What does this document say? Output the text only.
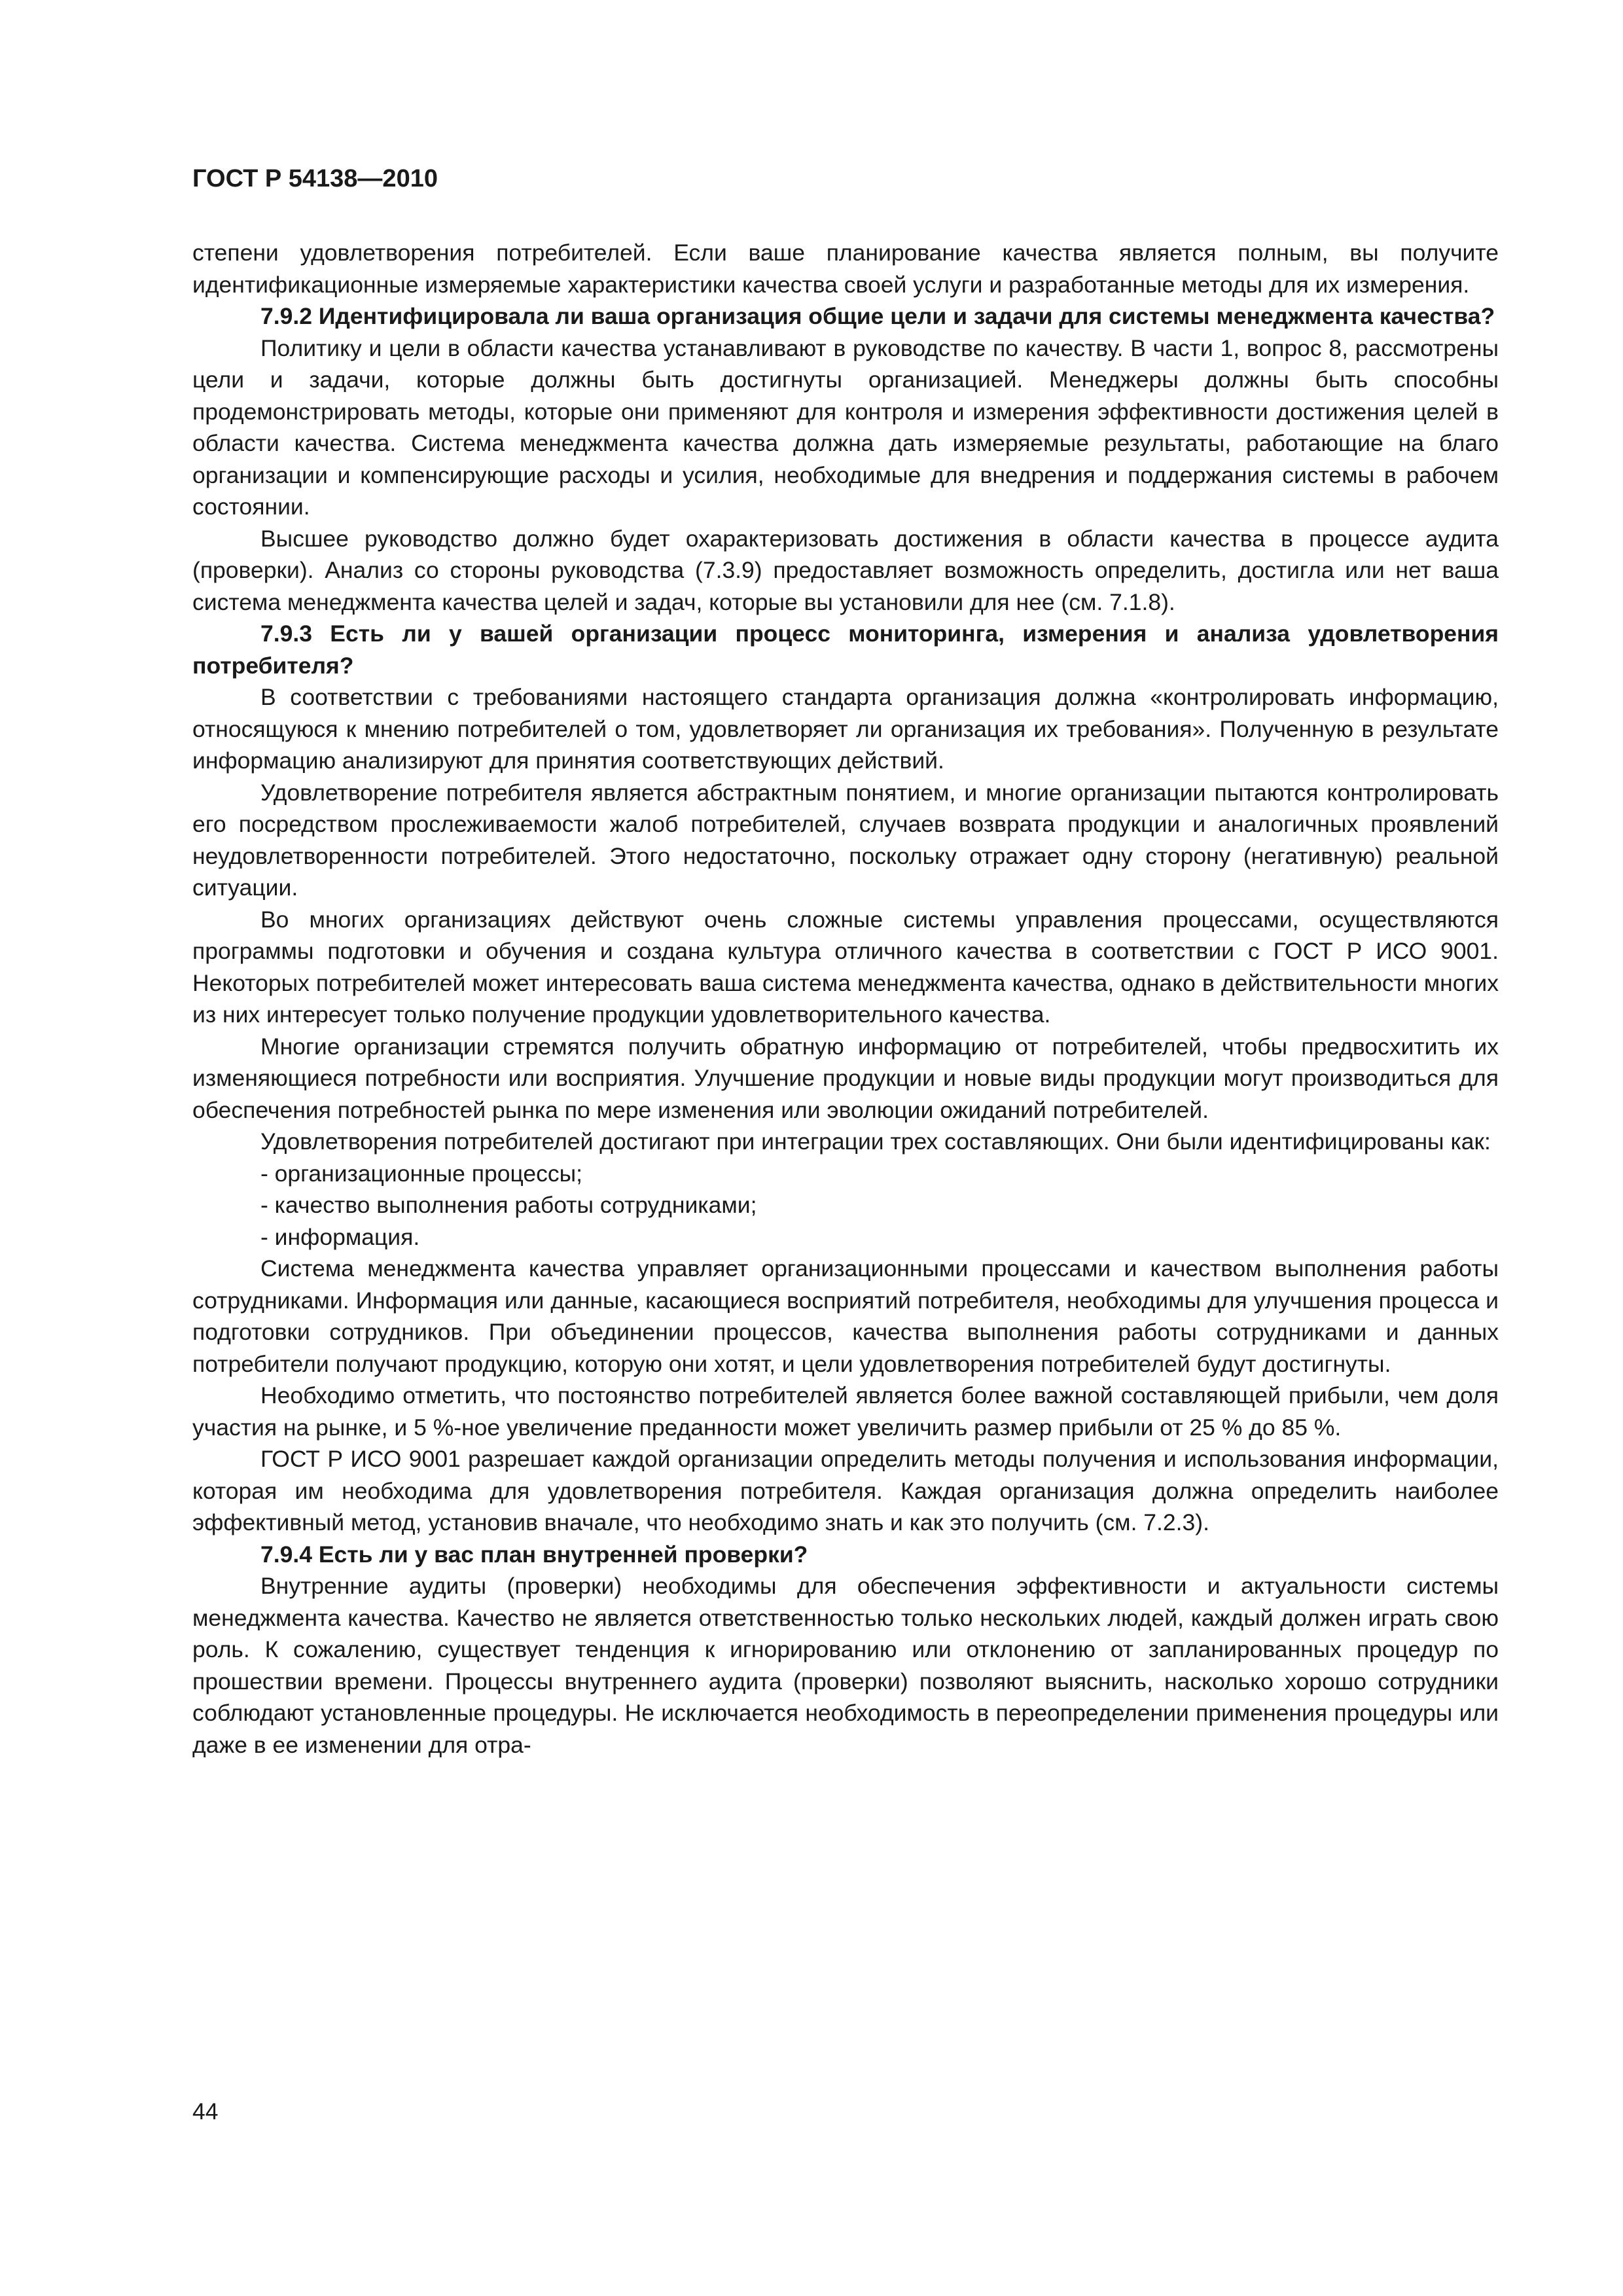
ГОСТ Р 54138—2010

степени удовлетворения потребителей. Если ваше планирование качества является полным, вы получите идентификационные измеряемые характеристики качества своей услуги и разработанные методы для их измерения.

7.9.2 Идентифицировала ли ваша организация общие цели и задачи для системы менеджмента качества?

Политику и цели в области качества устанавливают в руководстве по качеству. В части 1, вопрос 8, рассмотрены цели и задачи, которые должны быть достигнуты организацией. Менеджеры должны быть способны продемонстрировать методы, которые они применяют для контроля и измерения эффективности достижения целей в области качества. Система менеджмента качества должна дать измеряемые результаты, работающие на благо организации и компенсирующие расходы и усилия, необходимые для внедрения и поддержания системы в рабочем состоянии.

Высшее руководство должно будет охарактеризовать достижения в области качества в процессе аудита (проверки). Анализ со стороны руководства (7.3.9) предоставляет возможность определить, достигла или нет ваша система менеджмента качества целей и задач, которые вы установили для нее (см. 7.1.8).

7.9.3 Есть ли у вашей организации процесс мониторинга, измерения и анализа удовлетворения потребителя?

В соответствии с требованиями настоящего стандарта организация должна «контролировать информацию, относящуюся к мнению потребителей о том, удовлетворяет ли организация их требования». Полученную в результате информацию анализируют для принятия соответствующих действий.

Удовлетворение потребителя является абстрактным понятием, и многие организации пытаются контролировать его посредством прослеживаемости жалоб потребителей, случаев возврата продукции и аналогичных проявлений неудовлетворенности потребителей. Этого недостаточно, поскольку отражает одну сторону (негативную) реальной ситуации.

Во многих организациях действуют очень сложные системы управления процессами, осуществляются программы подготовки и обучения и создана культура отличного качества в соответствии с ГОСТ Р ИСО 9001. Некоторых потребителей может интересовать ваша система менеджмента качества, однако в действительности многих из них интересует только получение продукции удовлетворительного качества.

Многие организации стремятся получить обратную информацию от потребителей, чтобы предвосхитить их изменяющиеся потребности или восприятия. Улучшение продукции и новые виды продукции могут производиться для обеспечения потребностей рынка по мере изменения или эволюции ожиданий потребителей.

Удовлетворения потребителей достигают при интеграции трех составляющих. Они были идентифицированы как:

- организационные процессы;
- качество выполнения работы сотрудниками;
- информация.

Система менеджмента качества управляет организационными процессами и качеством выполнения работы сотрудниками. Информация или данные, касающиеся восприятий потребителя, необходимы для улучшения процесса и подготовки сотрудников. При объединении процессов, качества выполнения работы сотрудниками и данных потребители получают продукцию, которую они хотят, и цели удовлетворения потребителей будут достигнуты.

Необходимо отметить, что постоянство потребителей является более важной составляющей прибыли, чем доля участия на рынке, и 5 %-ное увеличение преданности может увеличить размер прибыли от 25 % до 85 %.

ГОСТ Р ИСО 9001 разрешает каждой организации определить методы получения и использования информации, которая им необходима для удовлетворения потребителя. Каждая организация должна определить наиболее эффективный метод, установив вначале, что необходимо знать и как это получить (см. 7.2.3).

7.9.4 Есть ли у вас план внутренней проверки?

Внутренние аудиты (проверки) необходимы для обеспечения эффективности и актуальности системы менеджмента качества. Качество не является ответственностью только нескольких людей, каждый должен играть свою роль. К сожалению, существует тенденция к игнорированию или отклонению от запланированных процедур по прошествии времени. Процессы внутреннего аудита (проверки) позволяют выяснить, насколько хорошо сотрудники соблюдают установленные процедуры. Не исключается необходимость в переопределении применения процедуры или даже в ее изменении для отра-

44
